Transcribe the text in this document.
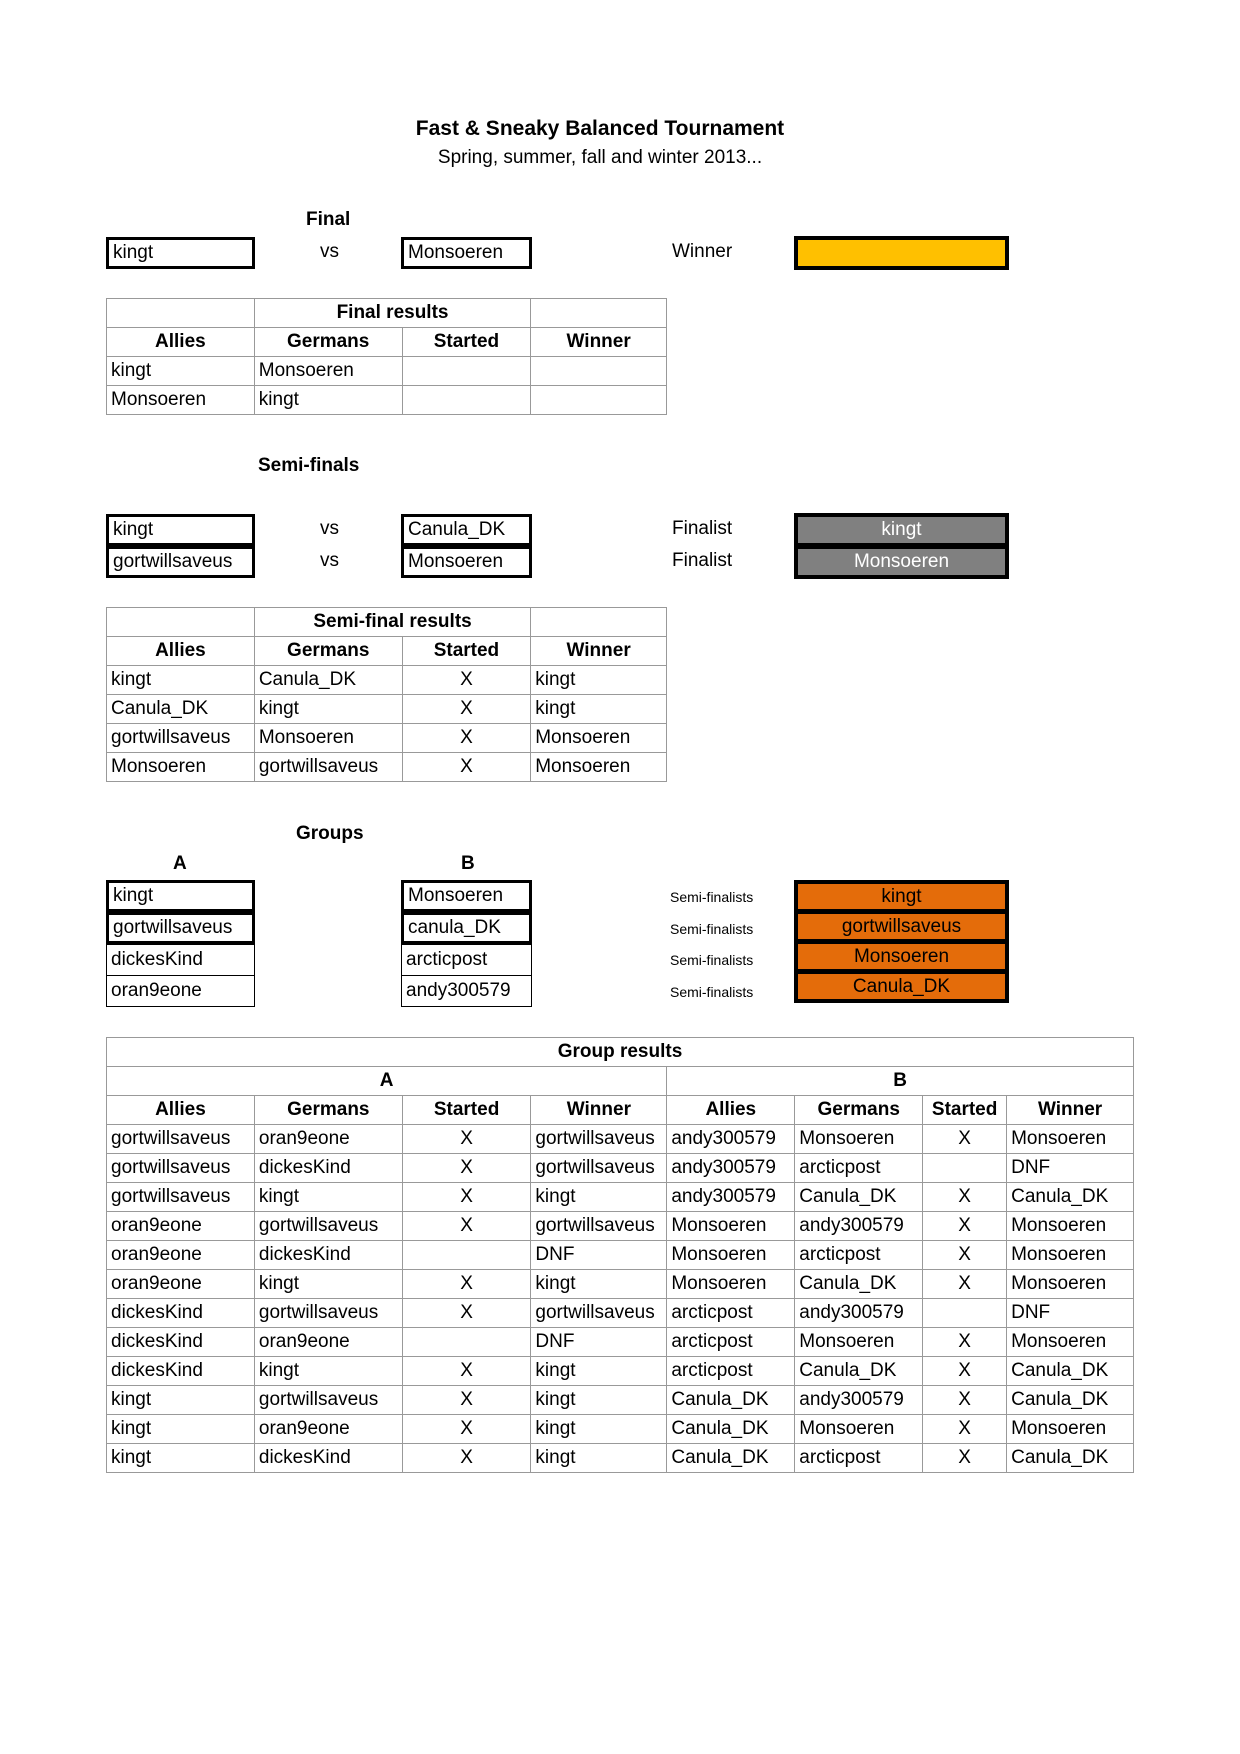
Fast & Sneaky Balanced Tournament
Spring, summer, fall and winter 2013...
Final
kingt	vs	Monsoeren	Winner
	Final results		
Allies	Germans	Started	Winner
kingt	Monsoeren		
Monsoeren	kingt		
Semi-finals
kingt	vs	Canula_DK	Finalist	kingt
gortwillsaveus	vs	Monsoeren	Finalist	Monsoeren
	Semi-final results		
Allies	Germans	Started	Winner
kingt	Canula_DK	X	kingt
Canula_DK	kingt	X	kingt
gortwillsaveus	Monsoeren	X	Monsoeren
Monsoeren	gortwillsaveus	X	Monsoeren
Groups
A	B
kingt
gortwillsaveus
dickesKind
oran9eone
Monsoeren
canula_DK
arcticpost
andy300579
Semi-finalists
Semi-finalists
Semi-finalists
Semi-finalists
kingt
gortwillsaveus
Monsoeren
Canula_DK
Group results							
A				B			
Allies	Germans	Started	Winner	Allies	Germans	Started	Winner
gortwillsaveus	oran9eone	X	gortwillsaveus	andy300579	Monsoeren	X	Monsoeren
gortwillsaveus	dickesKind	X	gortwillsaveus	andy300579	arcticpost		DNF
gortwillsaveus	kingt	X	kingt	andy300579	Canula_DK	X	Canula_DK
oran9eone	gortwillsaveus	X	gortwillsaveus	Monsoeren	andy300579	X	Monsoeren
oran9eone	dickesKind		DNF	Monsoeren	arcticpost	X	Monsoeren
oran9eone	kingt	X	kingt	Monsoeren	Canula_DK	X	Monsoeren
dickesKind	gortwillsaveus	X	gortwillsaveus	arcticpost	andy300579		DNF
dickesKind	oran9eone		DNF	arcticpost	Monsoeren	X	Monsoeren
dickesKind	kingt	X	kingt	arcticpost	Canula_DK	X	Canula_DK
kingt	gortwillsaveus	X	kingt	Canula_DK	andy300579	X	Canula_DK
kingt	oran9eone	X	kingt	Canula_DK	Monsoeren	X	Monsoeren
kingt	dickesKind	X	kingt	Canula_DK	arcticpost	X	Canula_DK
